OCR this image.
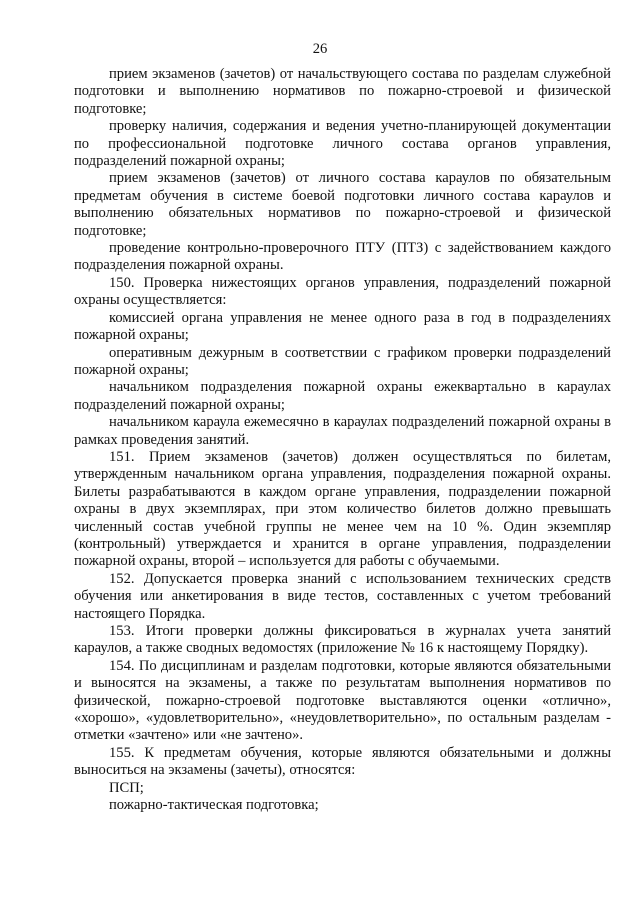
26

прием экзаменов (зачетов) от начальствующего состава по разделам служебной подготовки и выполнению нормативов по пожарно-строевой и физической подготовке;

проверку наличия, содержания и ведения учетно-планирующей документации по профессиональной подготовке личного состава органов управления, подразделений пожарной охраны;

прием экзаменов (зачетов) от личного состава караулов по обязательным предметам обучения в системе боевой подготовки личного состава караулов и выполнению обязательных нормативов по пожарно-строевой и физической подготовке;

проведение контрольно-проверочного ПТУ (ПТЗ) с задействованием каждого подразделения пожарной охраны.

150. Проверка нижестоящих органов управления, подразделений пожарной охраны осуществляется:

комиссией органа управления не менее одного раза в год в подразделениях пожарной охраны;

оперативным дежурным в соответствии с графиком проверки подразделений пожарной охраны;

начальником подразделения пожарной охраны ежеквартально в караулах подразделений пожарной охраны;

начальником караула ежемесячно в караулах подразделений пожарной охраны в рамках проведения занятий.

151. Прием экзаменов (зачетов) должен осуществляться по билетам, утвержденным начальником органа управления, подразделения пожарной охраны. Билеты разрабатываются в каждом органе управления, подразделении пожарной охраны в двух экземплярах, при этом количество билетов должно превышать численный состав учебной группы не менее чем на 10 %. Один экземпляр (контрольный) утверждается и хранится в органе управления, подразделении пожарной охраны, второй – используется для работы с обучаемыми.

152. Допускается проверка знаний с использованием технических средств обучения или анкетирования в виде тестов, составленных с учетом требований настоящего Порядка.

153. Итоги проверки должны фиксироваться в журналах учета занятий караулов, а также сводных ведомостях (приложение № 16 к настоящему Порядку).

154. По дисциплинам и разделам подготовки, которые являются обязательными и выносятся на экзамены, а также по результатам выполнения нормативов по физической, пожарно-строевой подготовке выставляются оценки «отлично», «хорошо», «удовлетворительно», «неудовлетворительно», по остальным разделам - отметки «зачтено» или «не зачтено».

155. К предметам обучения, которые являются обязательными и должны выноситься на экзамены (зачеты), относятся:

ПСП;

пожарно-тактическая подготовка;
